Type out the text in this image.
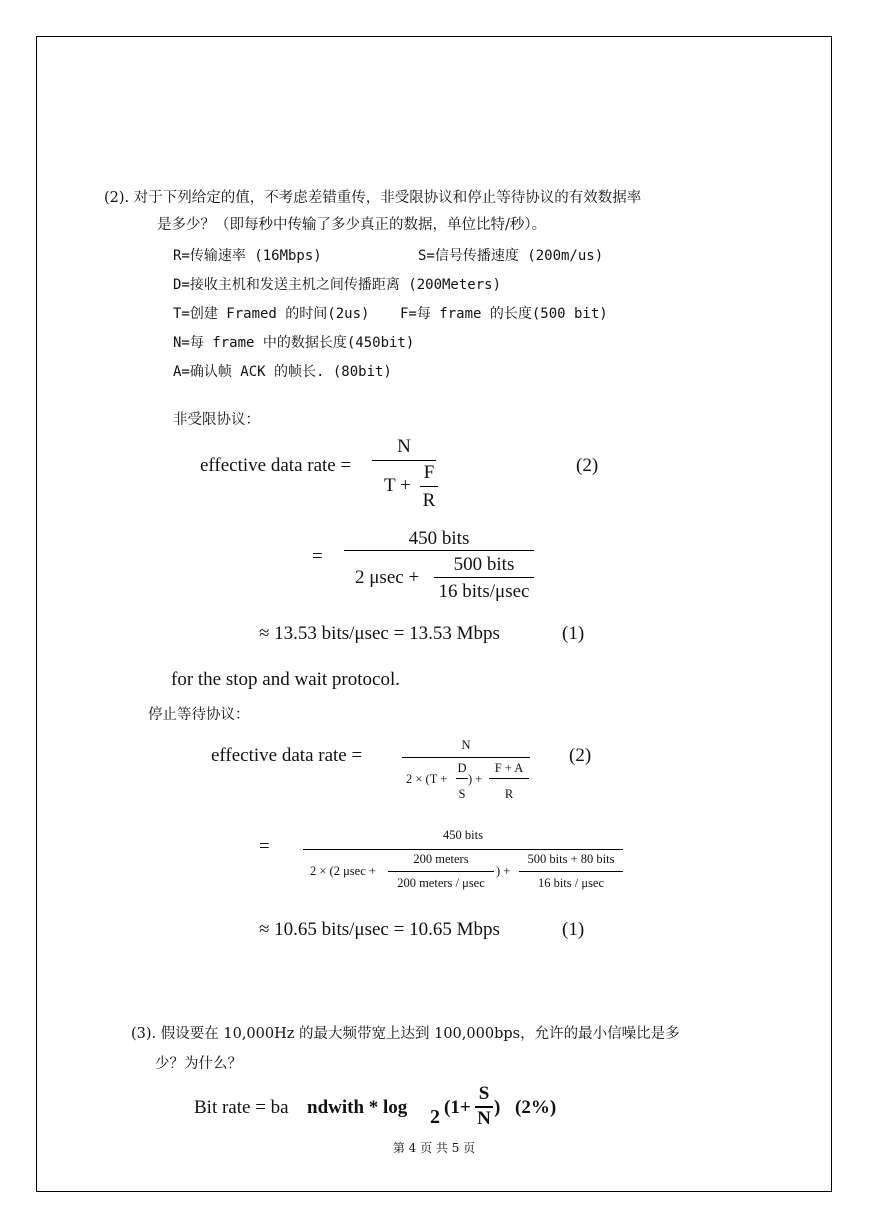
(2). 对于下列给定的值，不考虑差错重传，非受限协议和停止等待协议的有效数据率
是多少？（即每秒中传输了多少真正的数据，单位比特/秒）。
R=传输速率 (16Mbps)	S=信号传播速度 (200m/us)
D=接收主机和发送主机之间传播距离 (200Meters)
T=创建 Framed 的时间(2us) F=每 frame 的长度(500 bit)
N=每 frame 中的数据长度(450bit)
A=确认帧 ACK 的帧长. (80bit)
非受限协议：
effective data rate =
N
T +
F
R
(2)
=
450 bits
2 μsec +
500 bits
16 bits/μsec
≈ 13.53 bits/μsec = 13.53 Mbps	(1)
for the stop and wait protocol.
停止等待协议：
effective data rate =	N
2 × (T +
D
S
) +
F + A
R
(2)
=
450 bits
2 × (2 μsec +
200 meters
200 meters / μsec
) +
500 bits + 80 bits
16 bits / μsec
≈ 10.65 bits/μsec = 10.65 Mbps	(1)
(3). 假设要在 10,000Hz 的最大频带宽上达到 100,000bps，允许的最小信噪比是多
少？为什么？
Bit rate = ba ndwith * log 2 (1+
S
N
) (2%)
第 4 页 共 5 页
